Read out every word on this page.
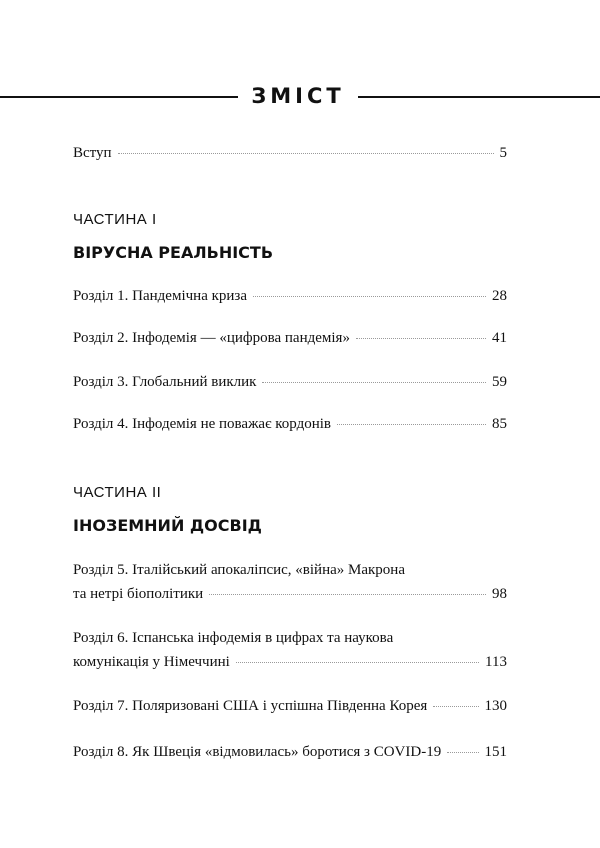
ЗМІСТ
Вступ	5
ЧАСТИНА І
ВІРУСНА РЕАЛЬНІСТЬ
Розділ 1. Пандемічна криза	28
Розділ 2. Інфодемія — «цифрова пандемія»	41
Розділ 3. Глобальний виклик	59
Розділ 4. Інфодемія не поважає кордонів	85
ЧАСТИНА ІІ
ІНОЗЕМНИЙ ДОСВІД
Розділ 5. Італійський апокаліпсис, «війна» Макрона
та нетрі біополітики	98
Розділ 6. Іспанська інфодемія в цифрах та наукова
комунікація у Німеччині	113
Розділ 7. Поляризовані США і успішна Південна Корея	130
Розділ 8. Як Швеція «відмовилась» боротися з COVID-19	151
